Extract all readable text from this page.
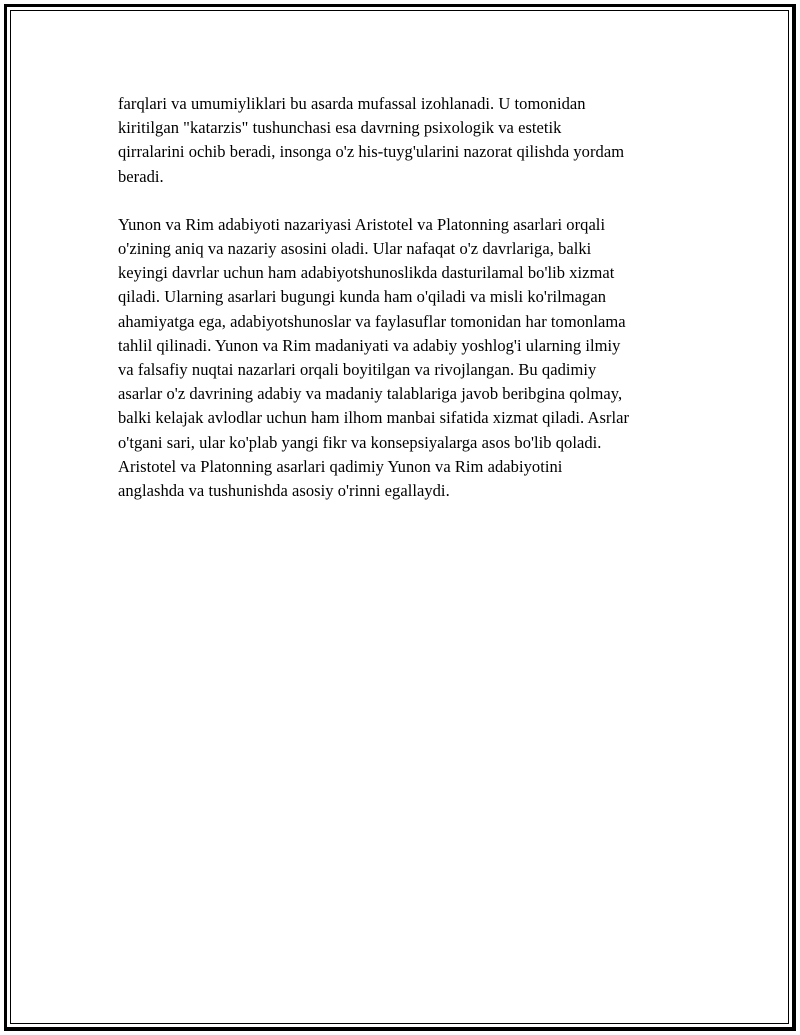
farqlari va umumiyliklari bu asarda mufassal izohlanadi. U tomonidan
kiritilgan "katarzis" tushunchasi esa davrning psixologik va estetik
qirralarini ochib beradi, insonga o'z his-tuyg'ularini nazorat qilishda yordam
beradi.

Yunon va Rim adabiyoti nazariyasi Aristotel va Platonning asarlari orqali
o'zining aniq va nazariy asosini oladi. Ular nafaqat o'z davrlariga, balki
keyingi davrlar uchun ham adabiyotshunoslikda dasturilamal bo'lib xizmat
qiladi. Ularning asarlari bugungi kunda ham o'qiladi va misli ko'rilmagan
ahamiyatga ega, adabiyotshunoslar va faylasuflar tomonidan har tomonlama
tahlil qilinadi. Yunon va Rim madaniyati va adabiy yoshlog'i ularning ilmiy
va falsafiy nuqtai nazarlari orqali boyitilgan va rivojlangan. Bu qadimiy
asarlar o'z davrining adabiy va madaniy talablariga javob beribgina qolmay,
balki kelajak avlodlar uchun ham ilhom manbai sifatida xizmat qiladi. Asrlar
o'tgani sari, ular ko'plab yangi fikr va konsepsiyalarga asos bo'lib qoladi.
Aristotel va Platonning asarlari qadimiy Yunon va Rim adabiyotini
anglashda va tushunishda asosiy o'rinni egallaydi.
